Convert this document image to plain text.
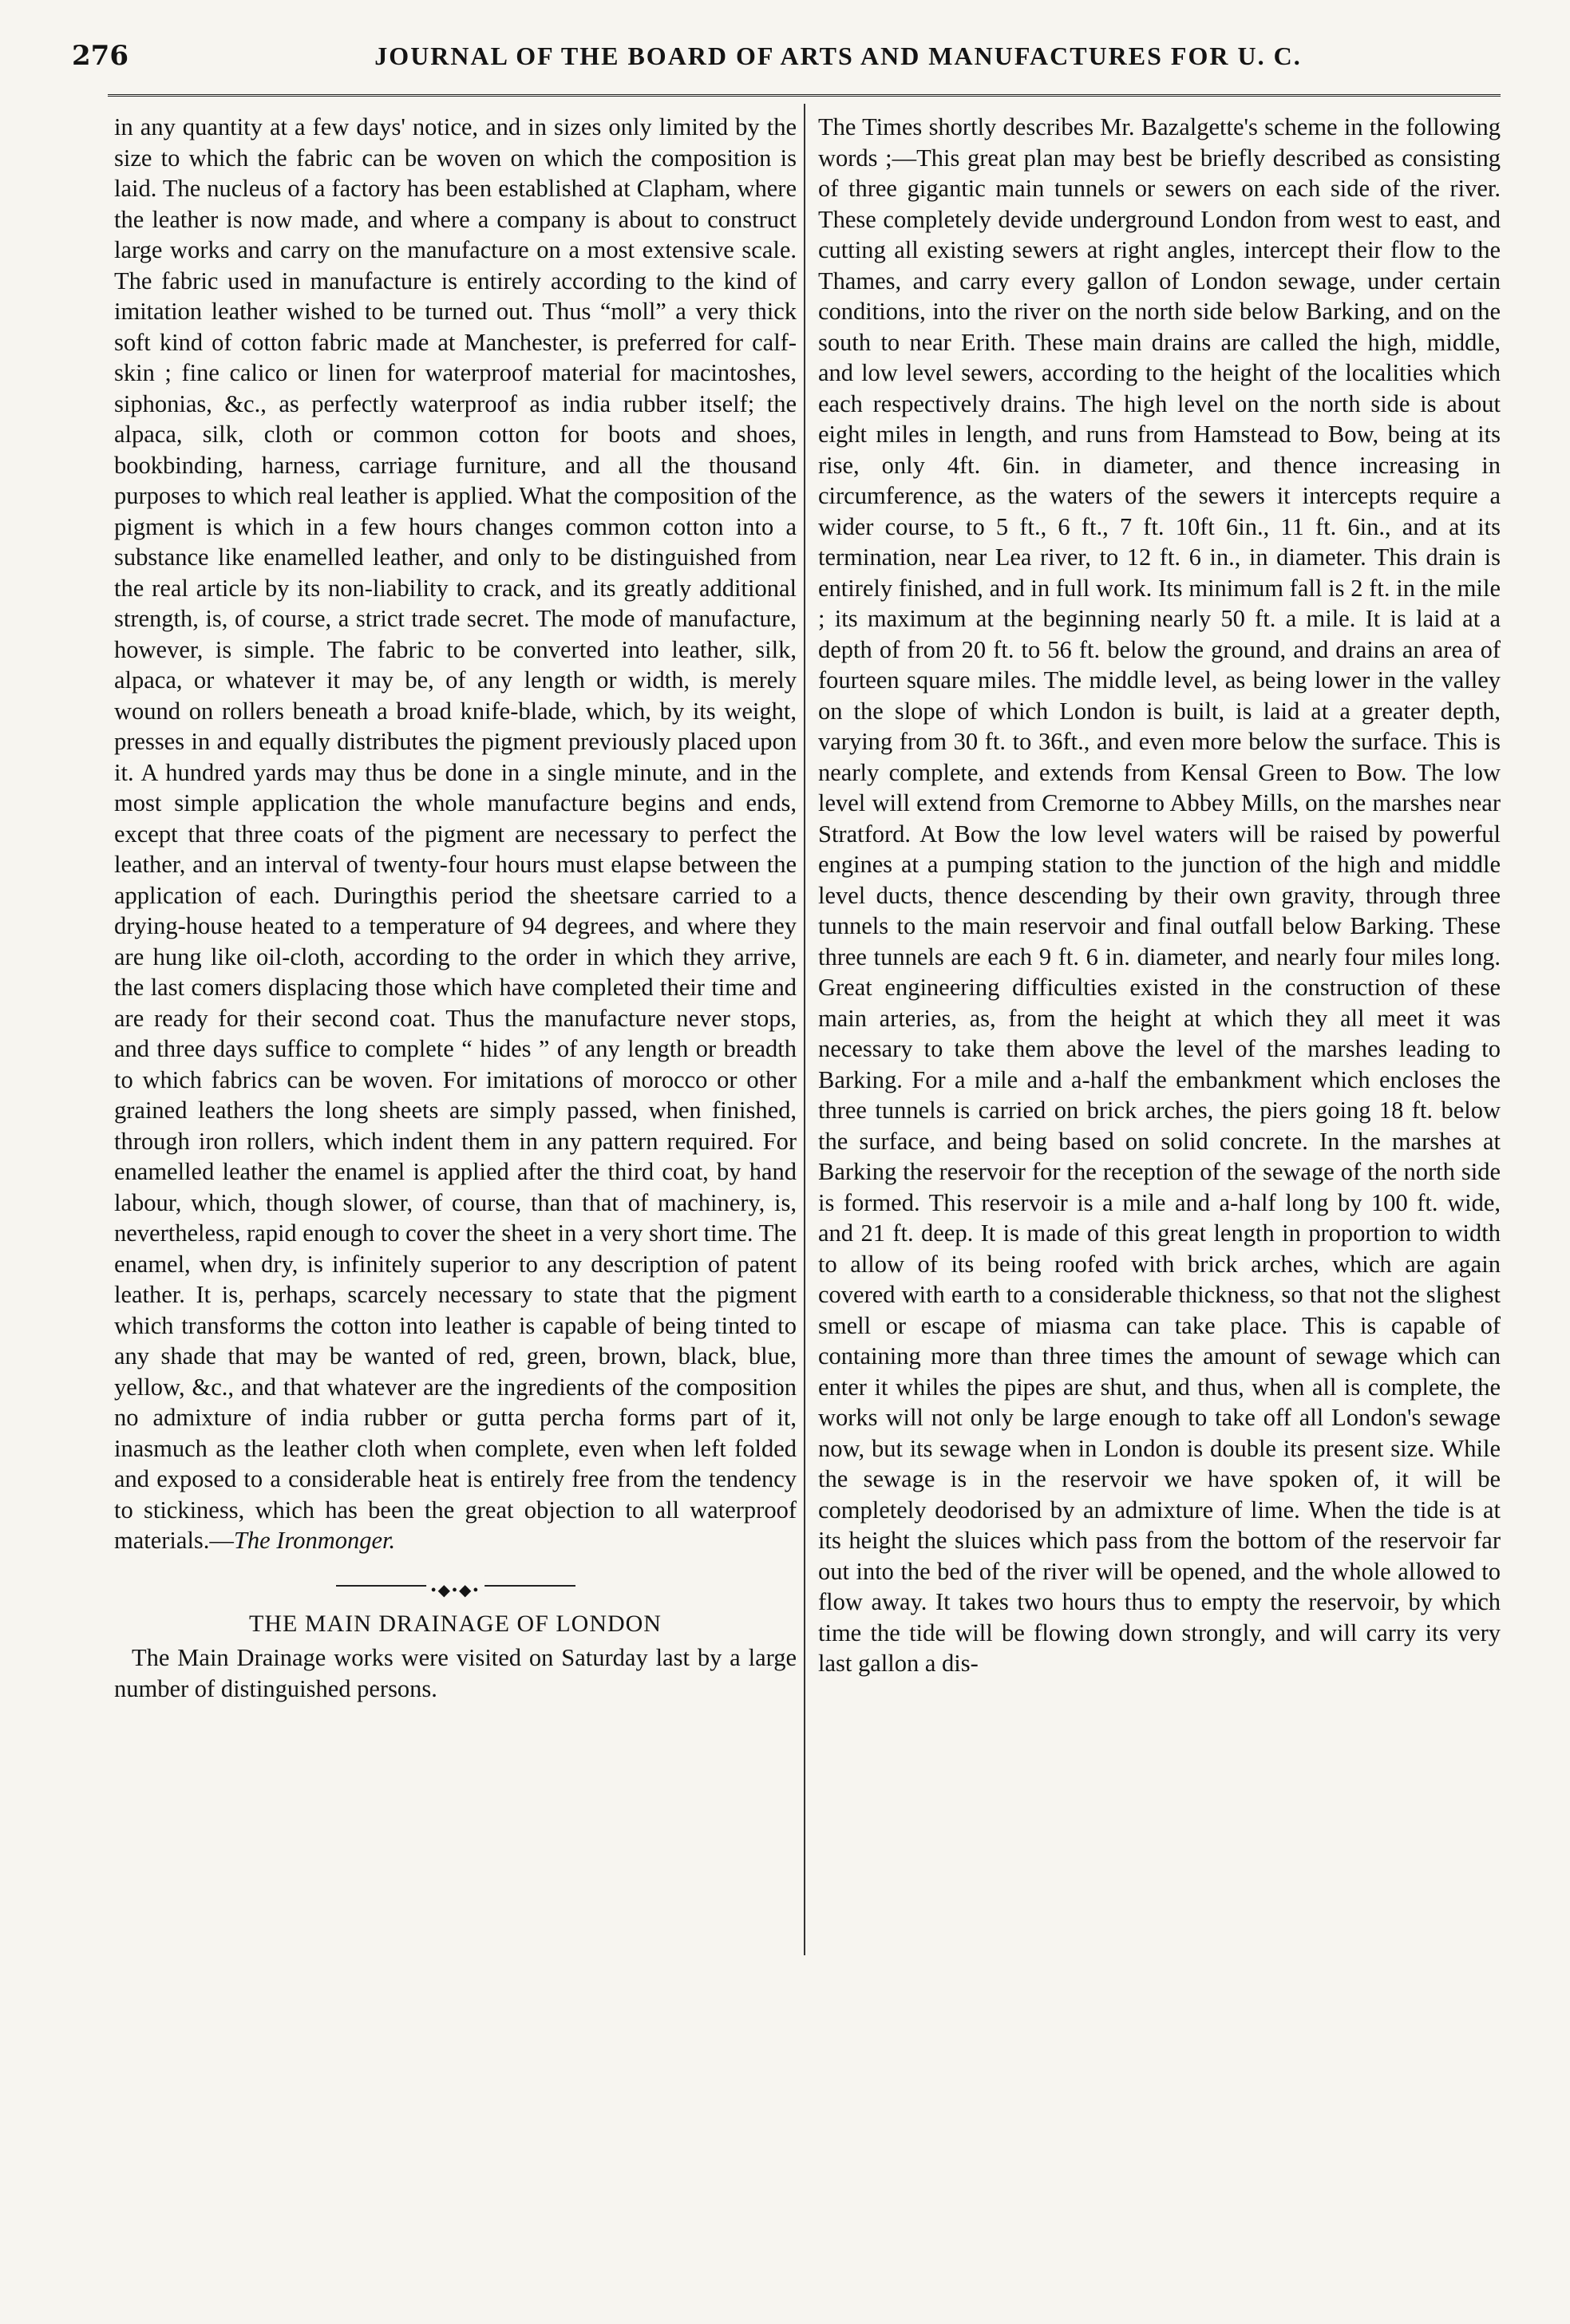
276	JOURNAL OF THE BOARD OF ARTS AND MANUFACTURES FOR U. C.

in any quantity at a few days' notice, and in sizes only limited by the size to which the fabric can be woven on which the composition is laid. The nucleus of a factory has been established at Clapham, where the leather is now made, and where a company is about to construct large works and carry on the manufacture on a most extensive scale. The fabric used in manufacture is entirely according to the kind of imitation leather wished to be turned out. Thus “moll” a very thick soft kind of cotton fabric made at Manchester, is preferred for calf-skin ; fine calico or linen for waterproof material for macintoshes, siphonias, &c., as perfectly waterproof as india rubber itself; the alpaca, silk, cloth or common cotton for boots and shoes, bookbinding, harness, carriage furniture, and all the thousand purposes to which real leather is applied. What the composition of the pigment is which in a few hours changes common cotton into a substance like enamelled leather, and only to be distinguished from the real article by its non-liability to crack, and its greatly additional strength, is, of course, a strict trade secret. The mode of manufacture, however, is simple. The fabric to be converted into leather, silk, alpaca, or whatever it may be, of any length or width, is merely wound on rollers beneath a broad knife-blade, which, by its weight, presses in and equally distributes the pigment previously placed upon it. A hundred yards may thus be done in a single minute, and in the most simple application the whole manufacture begins and ends, except that three coats of the pigment are necessary to perfect the leather, and an interval of twenty-four hours must elapse between the application of each. Duringthis period the sheetsare carried to a drying-house heated to a temperature of 94 degrees, and where they are hung like oil-cloth, according to the order in which they arrive, the last comers displacing those which have completed their time and are ready for their second coat. Thus the manufacture never stops, and three days suffice to complete “ hides ” of any length or breadth to which fabrics can be woven. For imitations of morocco or other grained leathers the long sheets are simply passed, when finished, through iron rollers, which indent them in any pattern required. For enamelled leather the enamel is applied after the third coat, by hand labour, which, though slower, of course, than that of machinery, is, nevertheless, rapid enough to cover the sheet in a very short time. The enamel, when dry, is infinitely superior to any description of patent leather. It is, perhaps, scarcely necessary to state that the pigment which transforms the cotton into leather is capable of being tinted to any shade that may be wanted of red, green, brown, black, blue, yellow, &c., and that whatever are the ingredients of the composition no admixture of india rubber or gutta percha forms part of it, inasmuch as the leather cloth when complete, even when left folded and exposed to a considerable heat is entirely free from the tendency to stickiness, which has been the great objection to all waterproof materials.—The Ironmonger.

•◆•◆•
THE MAIN DRAINAGE OF LONDON

The Main Drainage works were visited on Saturday last by a large number of distinguished persons.

The Times shortly describes Mr. Bazalgette's scheme in the following words ;—This great plan may best be briefly described as consisting of three gigantic main tunnels or sewers on each side of the river. These completely devide underground London from west to east, and cutting all existing sewers at right angles, intercept their flow to the Thames, and carry every gallon of London sewage, under certain conditions, into the river on the north side below Barking, and on the south to near Erith. These main drains are called the high, middle, and low level sewers, according to the height of the localities which each respectively drains. The high level on the north side is about eight miles in length, and runs from Hamstead to Bow, being at its rise, only 4ft. 6in. in diameter, and thence increasing in circumference, as the waters of the sewers it intercepts require a wider course, to 5 ft., 6 ft., 7 ft. 10ft 6in., 11 ft. 6in., and at its termination, near Lea river, to 12 ft. 6 in., in diameter. This drain is entirely finished, and in full work. Its minimum fall is 2 ft. in the mile ; its maximum at the beginning nearly 50 ft. a mile. It is laid at a depth of from 20 ft. to 56 ft. below the ground, and drains an area of fourteen square miles. The middle level, as being lower in the valley on the slope of which London is built, is laid at a greater depth, varying from 30 ft. to 36ft., and even more below the surface. This is nearly complete, and extends from Kensal Green to Bow. The low level will extend from Cremorne to Abbey Mills, on the marshes near Stratford. At Bow the low level waters will be raised by powerful engines at a pumping station to the junction of the high and middle level ducts, thence descending by their own gravity, through three tunnels to the main reservoir and final outfall below Barking. These three tunnels are each 9 ft. 6 in. diameter, and nearly four miles long. Great engineering difficulties existed in the construction of these main arteries, as, from the height at which they all meet it was necessary to take them above the level of the marshes leading to Barking. For a mile and a-half the embankment which encloses the three tunnels is carried on brick arches, the piers going 18 ft. below the surface, and being based on solid concrete. In the marshes at Barking the reservoir for the reception of the sewage of the north side is formed. This reservoir is a mile and a-half long by 100 ft. wide, and 21 ft. deep. It is made of this great length in proportion to width to allow of its being roofed with brick arches, which are again covered with earth to a considerable thickness, so that not the slighest smell or escape of miasma can take place. This is capable of containing more than three times the amount of sewage which can enter it whiles the pipes are shut, and thus, when all is complete, the works will not only be large enough to take off all London's sewage now, but its sewage when in London is double its present size. While the sewage is in the reservoir we have spoken of, it will be completely deodorised by an admixture of lime. When the tide is at its height the sluices which pass from the bottom of the reservoir far out into the bed of the river will be opened, and the whole allowed to flow away. It takes two hours thus to empty the reservoir, by which time the tide will be flowing down strongly, and will carry its very last gallon a dis-
